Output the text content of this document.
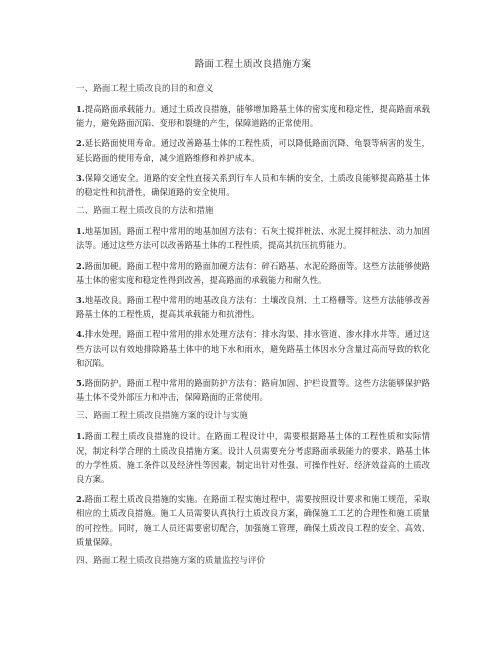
路面工程土质改良措施方案
一、路面工程土质改良的目的和意义

1.提高路面承载能力。通过土质改良措施，能够增加路基土体的密实度和稳定性，提高路面承载能力，避免路面沉陷、变形和裂缝的产生，保障道路的正常使用。

2.延长路面使用寿命。通过改善路基土体的工程性质，可以降低路面沉降、龟裂等病害的发生，延长路面的使用寿命，减少道路维修和养护成本。

3.保障交通安全。道路的安全性直接关系到行车人员和车辆的安全，土质改良能够提高路基土体的稳定性和抗滑性，确保道路的安全使用。

二、路面工程土质改良的方法和措施

1.地基加固。路面工程中常用的地基加固方法有：石灰土搅拌桩法、水泥土搅拌桩法、动力加固法等。通过这些方法可以改善路基土体的工程性质，提高其抗压抗剪能力。

2.路面加硬。路面工程中常用的路面加硬方法有：碎石路基、水泥砼路面等。这些方法能够使路基土体的密实度和稳定性得到改善，提高路面的承载能力和耐久性。

3.地基改良。路面工程中常用的地基改良方法有：土壤改良剂、土工格栅等。这些方法能够改善路基土体的工程性质，提高其承载能力和抗滑性。

4.排水处理。路面工程中常用的排水处理方法有：排水沟渠、排水管道、渗水排水井等。通过这些方法可以有效地排除路基土体中的地下水和雨水，避免路基土体因水分含量过高而导致的软化和沉陷。

5.路面防护。路面工程中常用的路面防护方法有：路肩加固、护栏设置等。这些方法能够保护路基土体不受外部压力和冲击，保障路面的正常使用。

三、路面工程土质改良措施方案的设计与实施

1.路面工程土质改良措施的设计。在路面工程设计中，需要根据路基土体的工程性质和实际情况，制定科学合理的土质改良措施方案。设计人员需要充分考虑路面承载能力的要求、路基土体的力学性质、施工条件以及经济性等因素，制定出针对性强、可操作性好、经济效益高的土质改良方案。

2.路面工程土质改良措施的实施。在路面工程实施过程中，需要按照设计要求和施工规范，采取相应的土质改良措施。施工人员需要认真执行土质改良方案，确保施工工艺的合理性和施工质量的可控性。同时，施工人员还需要密切配合，加强施工管理，确保土质改良工程的安全、高效、质量保障。

四、路面工程土质改良措施方案的质量监控与评价
